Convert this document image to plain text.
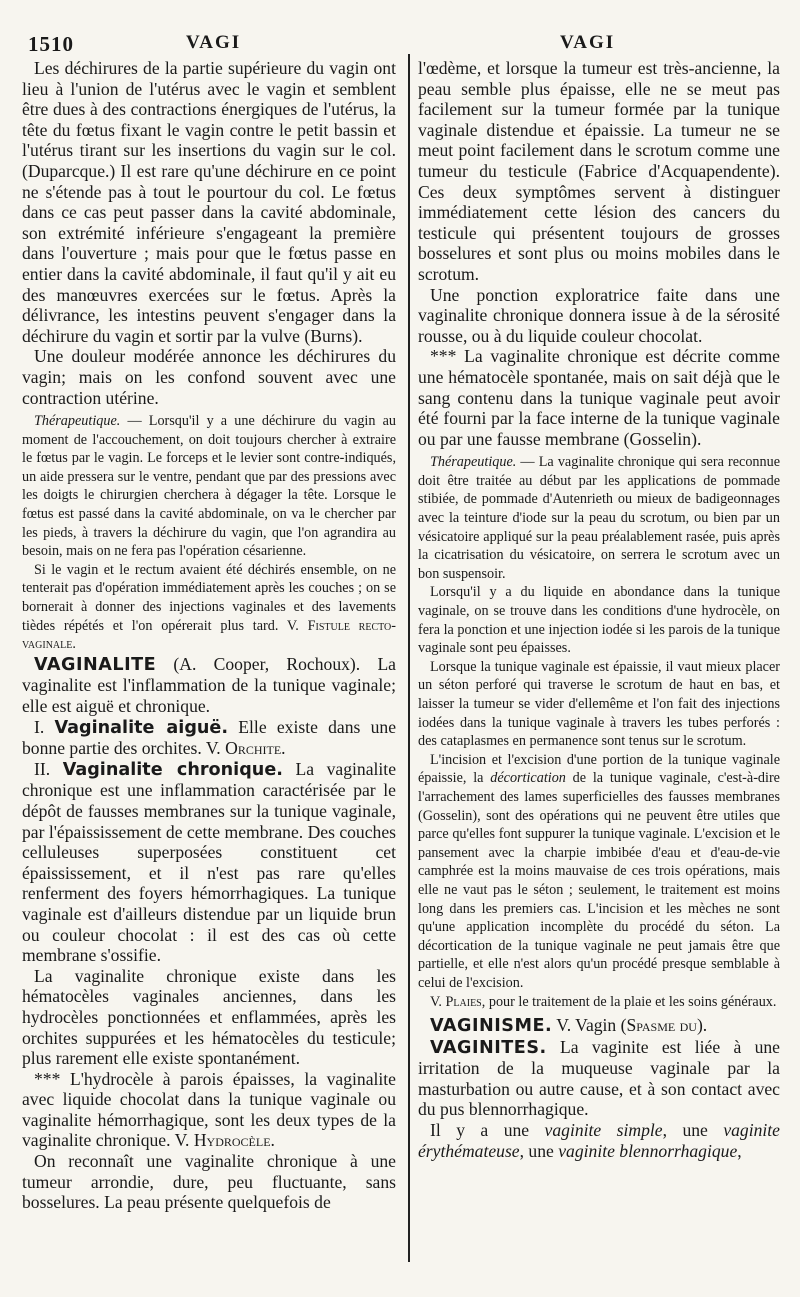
1510	VAGI	VAGI

Les déchirures de la partie supérieure du vagin ont lieu à l'union de l'utérus avec le vagin et semblent être dues à des contractions énergiques de l'utérus, la tête du fœtus fixant le vagin contre le petit bassin et l'utérus tirant sur les insertions du vagin sur le col. (Duparcque.) Il est rare qu'une déchirure en ce point ne s'étende pas à tout le pourtour du col. Le fœtus dans ce cas peut passer dans la cavité abdominale, son extrémité inférieure s'engageant la première dans l'ouverture ; mais pour que le fœtus passe en entier dans la cavité abdominale, il faut qu'il y ait eu des manœuvres exercées sur le fœtus. Après la délivrance, les intestins peuvent s'engager dans la déchirure du vagin et sortir par la vulve (Burns).

Une douleur modérée annonce les déchirures du vagin; mais on les confond souvent avec une contraction utérine.

Thérapeutique. — Lorsqu'il y a une déchirure du vagin au moment de l'accouchement, on doit toujours chercher à extraire le fœtus par le vagin. Le forceps et le levier sont contre-indiqués, un aide pressera sur le ventre, pendant que par des pressions avec les doigts le chirurgien cherchera à dégager la tête. Lorsque le fœtus est passé dans la cavité abdominale, on va le chercher par les pieds, à travers la déchirure du vagin, que l'on agrandira au besoin, mais on ne fera pas l'opération césarienne.

Si le vagin et le rectum avaient été déchirés ensemble, on ne tenterait pas d'opération immédiatement après les couches ; on se bornerait à donner des injections vaginales et des lavements tièdes répétés et l'on opérerait plus tard. V. Fistule recto-vaginale.

VAGINALITE (A. Cooper, Rochoux). La vaginalite est l'inflammation de la tunique vaginale; elle est aiguë et chronique.

I. Vaginalite aiguë. Elle existe dans une bonne partie des orchites. V. Orchite.

II. Vaginalite chronique. La vaginalite chronique est une inflammation caractérisée par le dépôt de fausses membranes sur la tunique vaginale, par l'épaississement de cette membrane. Des couches celluleuses superposées constituent cet épaississement, et il n'est pas rare qu'elles renferment des foyers hémorrhagiques. La tunique vaginale est d'ailleurs distendue par un liquide brun ou couleur chocolat : il est des cas où cette membrane s'ossifie.

La vaginalite chronique existe dans les hématocèles vaginales anciennes, dans les hydrocèles ponctionnées et enflammées, après les orchites suppurées et les hématocèles du testicule; plus rarement elle existe spontanément.

*** L'hydrocèle à parois épaisses, la vaginalite avec liquide chocolat dans la tunique vaginale ou vaginalite hémorrhagique, sont les deux types de la vaginalite chronique. V. Hydrocèle.

On reconnaît une vaginalite chronique à une tumeur arrondie, dure, peu fluctuante, sans bosselures. La peau présente quelquefois de

l'œdème, et lorsque la tumeur est très-ancienne, la peau semble plus épaisse, elle ne se meut pas facilement sur la tumeur formée par la tunique vaginale distendue et épaissie. La tumeur ne se meut point facilement dans le scrotum comme une tumeur du testicule (Fabrice d'Acquapendente). Ces deux symptômes servent à distinguer immédiatement cette lésion des cancers du testicule qui présentent toujours de grosses bosselures et sont plus ou moins mobiles dans le scrotum.

Une ponction exploratrice faite dans une vaginalite chronique donnera issue à de la sérosité rousse, ou à du liquide couleur chocolat.

*** La vaginalite chronique est décrite comme une hématocèle spontanée, mais on sait déjà que le sang contenu dans la tunique vaginale peut avoir été fourni par la face interne de la tunique vaginale ou par une fausse membrane (Gosselin).

Thérapeutique. — La vaginalite chronique qui sera reconnue doit être traitée au début par les applications de pommade stibiée, de pommade d'Autenrieth ou mieux de badigeonnages avec la teinture d'iode sur la peau du scrotum, ou bien par un vésicatoire appliqué sur la peau préalablement rasée, puis après la cicatrisation du vésicatoire, on serrera le scrotum avec un bon suspensoir.

Lorsqu'il y a du liquide en abondance dans la tunique vaginale, on se trouve dans les conditions d'une hydrocèle, on fera la ponction et une injection iodée si les parois de la tunique vaginale sont peu épaisses.

Lorsque la tunique vaginale est épaissie, il vaut mieux placer un séton perforé qui traverse le scrotum de haut en bas, et laisser la tumeur se vider d'ellemême et l'on fait des injections iodées dans la tunique vaginale à travers les tubes perforés : des cataplasmes en permanence sont tenus sur le scrotum.

L'incision et l'excision d'une portion de la tunique vaginale épaissie, la décortication de la tunique vaginale, c'est-à-dire l'arrachement des lames superficielles des fausses membranes (Gosselin), sont des opérations qui ne peuvent être utiles que parce qu'elles font suppurer la tunique vaginale. L'excision et le pansement avec la charpie imbibée d'eau et d'eau-de-vie camphrée est la moins mauvaise de ces trois opérations, mais elle ne vaut pas le séton ; seulement, le traitement est moins long dans les premiers cas. L'incision et les mèches ne sont qu'une application incomplète du procédé du séton. La décortication de la tunique vaginale ne peut jamais être que partielle, et elle n'est alors qu'un procédé presque semblable à celui de l'excision.

V. Plaies, pour le traitement de la plaie et les soins généraux.

VAGINISME. V. Vagin (Spasme du).

VAGINITES. La vaginite est liée à une irritation de la muqueuse vaginale par la masturbation ou autre cause, et à son contact avec du pus blennorrhagique.

Il y a une vaginite simple, une vaginite érythémateuse, une vaginite blennorrhagique,
